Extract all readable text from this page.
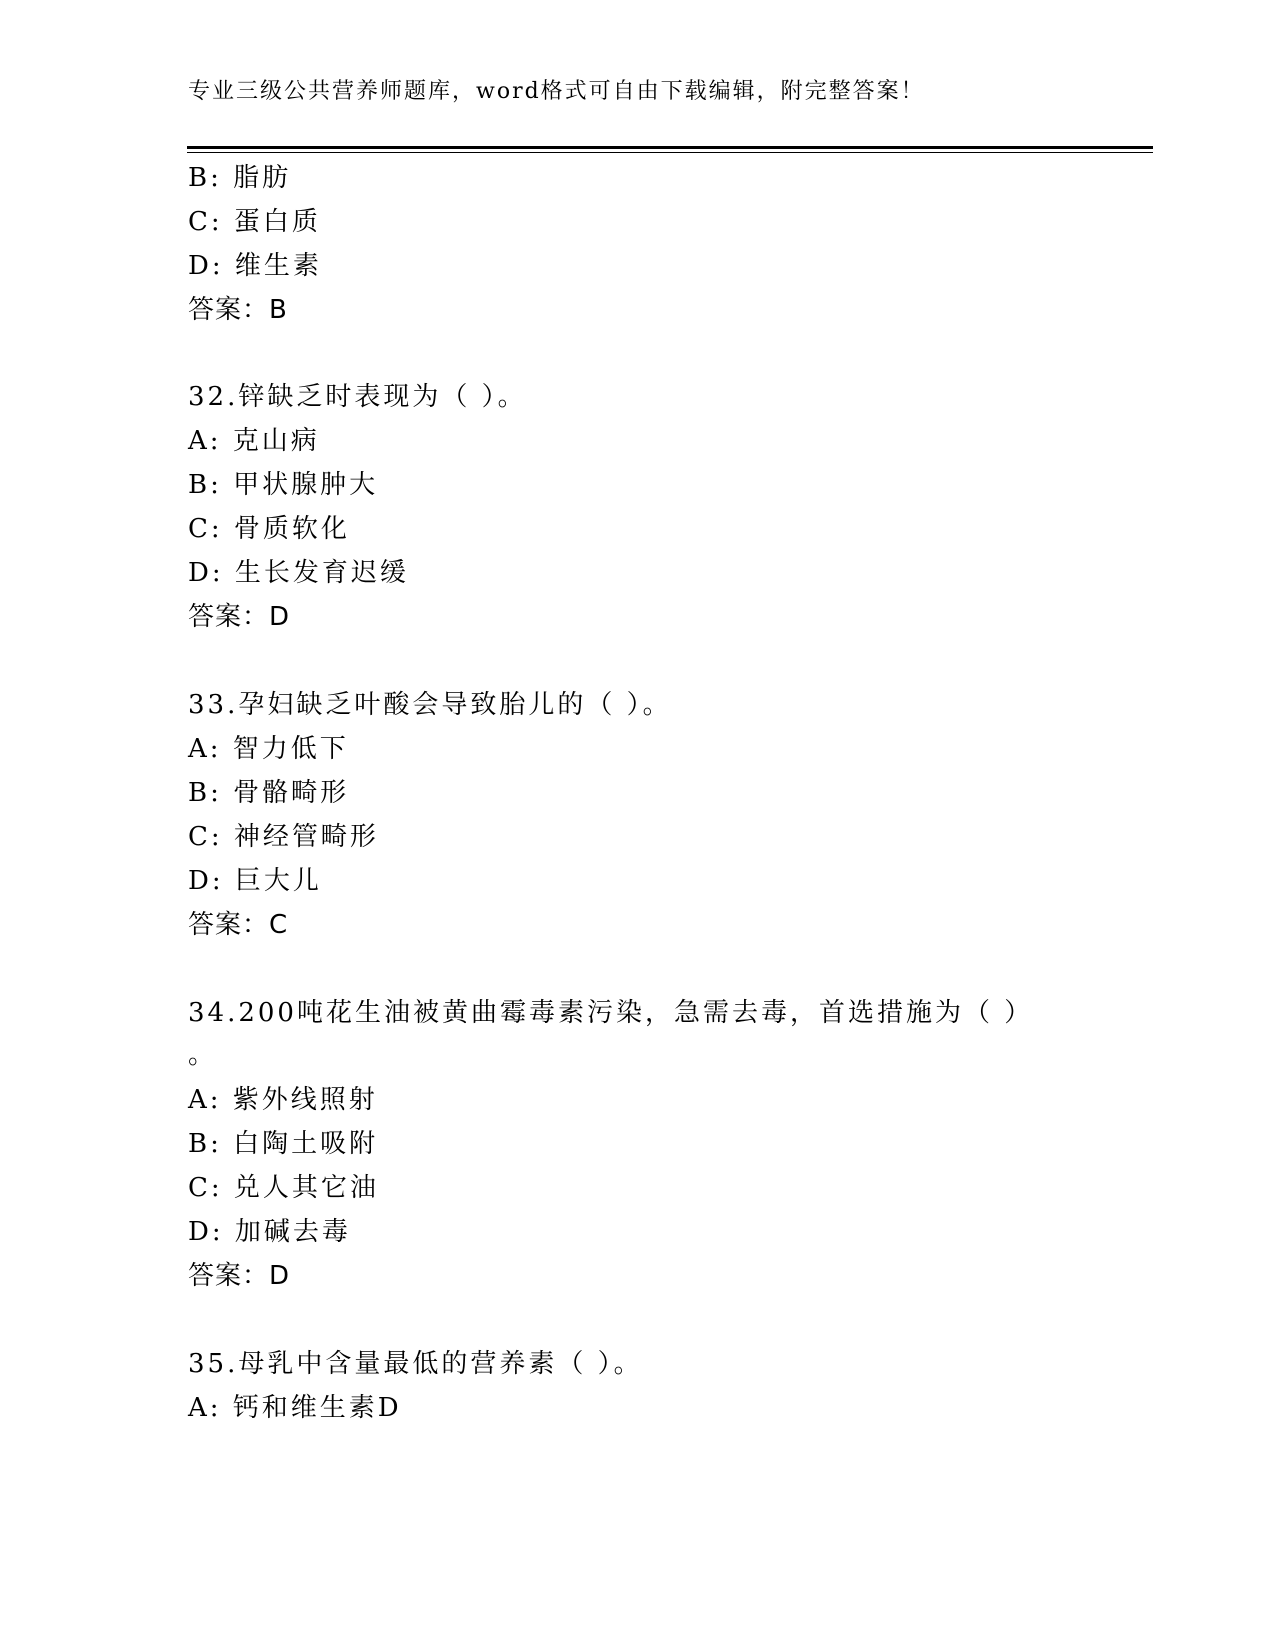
专业三级公共营养师题库，word格式可自由下载编辑，附完整答案！
B: 脂肪
C: 蛋白质
D: 维生素
答案：B
32.锌缺乏时表现为（ ）。
A: 克山病
B: 甲状腺肿大
C: 骨质软化
D: 生长发育迟缓
答案：D
33.孕妇缺乏叶酸会导致胎儿的（ ）。
A: 智力低下
B: 骨骼畸形
C: 神经管畸形
D: 巨大儿
答案：C
34.200吨花生油被黄曲霉毒素污染，急需去毒，首选措施为（ ）
。
A: 紫外线照射
B: 白陶土吸附
C: 兑人其它油
D: 加碱去毒
答案：D
35.母乳中含量最低的营养素（ ）。
A: 钙和维生素D
